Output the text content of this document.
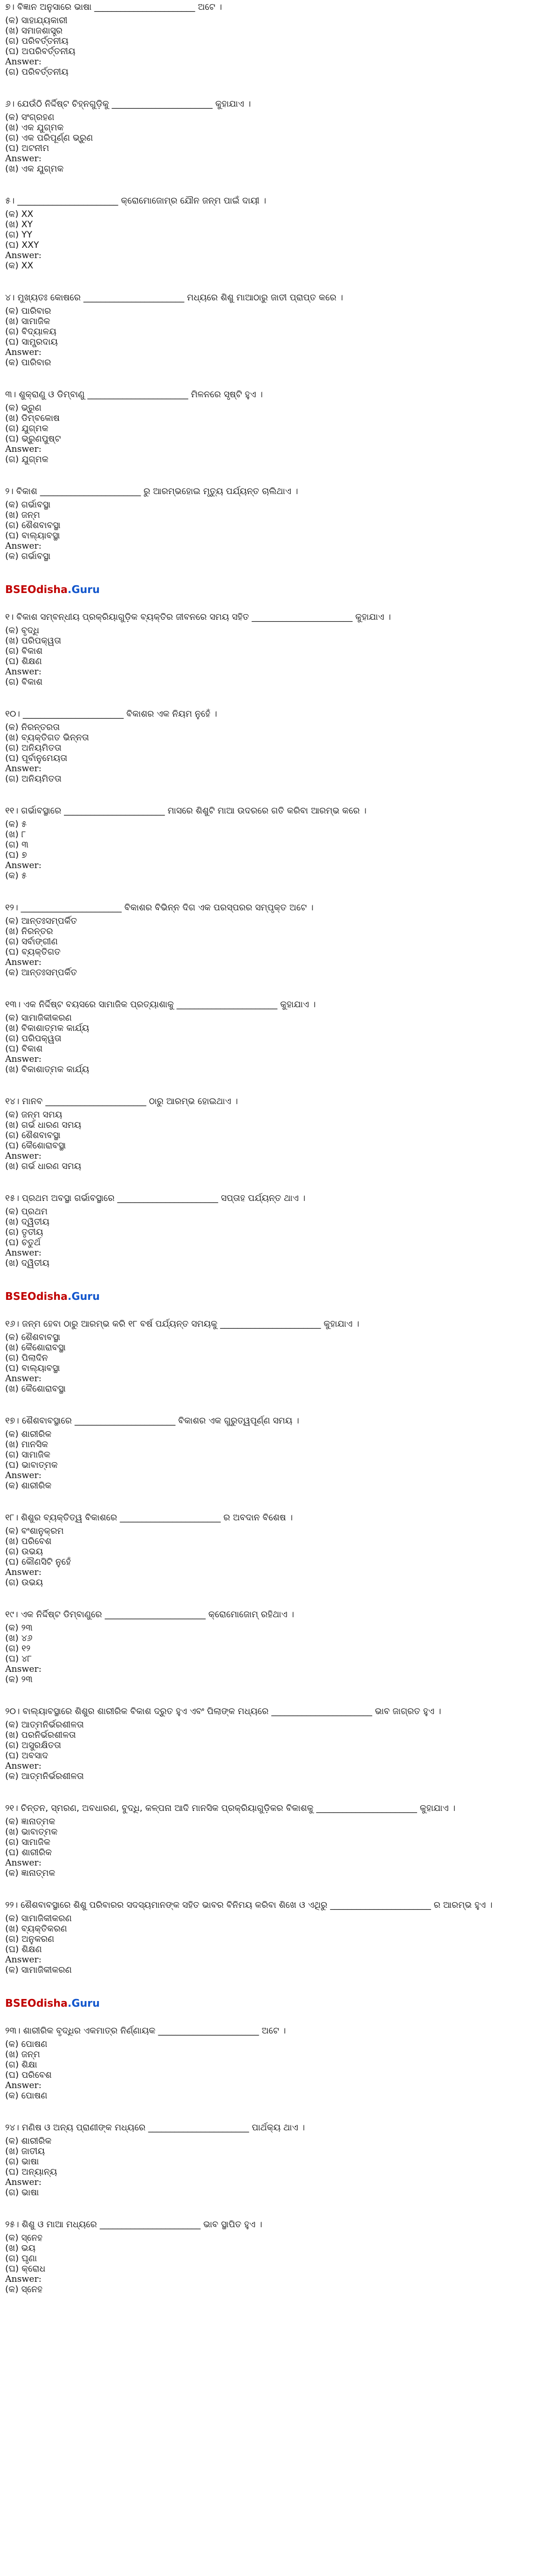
୭। ବିଜ୍ଞାନ ଅନୁସାରେ ଭାଷା _______________________ ଅଟେ ।

(କ) ସାହାଯ୍ୟକାରୀ

(ଖ) ସମାଜଶାସ୍ତ୍ର

(ଗ) ପରିବର୍ତ୍ତନୀୟ

(ଘ) ଅପରିବର୍ତ୍ତନୀୟ

Answer:

(ଗ) ପରିବର୍ତ୍ତନୀୟ

୬। ଯେଉଁଠି ନିର୍ଦ୍ଦିଷ୍ଟ ଚିହ୍ନଗୁଡ଼ିକୁ _______________________ କୁହାଯାଏ ।

(କ) ସଂଗ୍ରହଣ

(ଖ) ଏକ ଯୁଗ୍ମକ

(ଗ) ଏକ ପରିପୂର୍ଣ୍ଣ ଭ୍ରୁଣ

(ଘ) ଅଟନୀମ

Answer:

(ଖ) ଏକ ଯୁଗ୍ମକ

୫। _______________________ କ୍ରୋମୋଜୋମ୍‌ର ଯୌନ ଜନ୍ମ ପାଇଁ ଦାୟୀ ।

(କ) XX

(ଖ) XY

(ଗ) YY

(ଘ) XXY

Answer:

(କ) XX

୪। ମୁଖ୍ୟତଃ କୋଷରେ _______________________ ମଧ୍ୟରେ ଶିଶୁ ମାଆଠାରୁ ଜାତୀ ପ୍ରାପ୍ତ କରେ ।

(କ) ପାରିବାର

(ଖ) ସାମାଜିକ

(ଗ) ବିଦ୍ୟାଳୟ

(ଘ) ସାମ୍ପ୍ରଦାୟ

Answer:

(କ) ପାରିବାର

୩। ଶୁକ୍ରାଣୁ ଓ ଡିମ୍ବାଣୁ _______________________ ମିଳନରେ ସୃଷ୍ଟି ହୁଏ ।

(କ) ଭ୍ରୁଣ

(ଖ) ଡିମ୍ବକୋଷ

(ଗ) ଯୁଗ୍ମକ

(ଘ) ଭ୍ରୁଣପୁଷ୍ଟ

Answer:

(ଗ) ଯୁଗ୍ମକ

୨। ବିକାଶ _______________________ ରୁ ଆରମ୍ଭହୋଇ ମୃତ୍ୟୁ ପର୍ଯ୍ୟନ୍ତ ଚାଲିଥାଏ ।

(କ) ଗର୍ଭାବସ୍ଥା

(ଖ) ଜନ୍ମ

(ଗ) ଶୈଶବାବସ୍ଥା

(ଘ) ବାଲ୍ୟାବସ୍ଥା

Answer:

(କ) ଗର୍ଭାବସ୍ଥା

BSEOdisha.Guru

୧। ବିକାଶ ସମ୍ବନ୍ଧୀୟ ପ୍ରକ୍ରିୟାଗୁଡ଼ିକ ବ୍ୟକ୍ତିର ଜୀବନରେ ସମୟ ସହିତ _______________________ କୁହାଯାଏ ।

(କ) ବୃଦ୍ଧି

(ଖ) ପରିପକ୍ୱତା

(ଗ) ବିକାଶ

(ଘ) ଶିକ୍ଷଣ

Answer:

(ଗ) ବିକାଶ

୧୦। _______________________ ବିକାଶର ଏକ ନିୟମ ନୁହେଁ ।

(କ) ନିରନ୍ତରତା

(ଖ) ବ୍ୟକ୍ତିଗତ ଭିନ୍ନତା

(ଗ) ଅନିୟମିତତା

(ଘ) ପୂର୍ବାନୁମେୟତା

Answer:

(ଗ) ଅନିୟମିତତା

୧୧। ଗର୍ଭାବସ୍ଥାରେ _______________________ ମାସରେ ଶିଶୁଟି ମାଆ ଉଦରରେ ଗତି କରିବା ଆରମ୍ଭ କରେ ।

(କ) ୫

(ଖ) ୮

(ଗ) ୩

(ଘ) ୭

Answer:

(କ) ୫

୧୨। _______________________ ବିକାଶର ବିଭିନ୍ନ ଦିଗ ଏକ ପରସ୍ପରର ସମ୍ପୃକ୍ତ ଅଟେ ।

(କ) ଆନ୍ତଃସମ୍ପର୍କିତ

(ଖ) ନିରନ୍ତର

(ଗ) ସର୍ବାଙ୍ଗୀଣ

(ଘ) ବ୍ୟକ୍ତିଗତ

Answer:

(କ) ଆନ୍ତଃସମ୍ପର୍କିତ

୧୩। ଏକ ନିର୍ଦ୍ଦିଷ୍ଟ ବୟସରେ ସାମାଜିକ ପ୍ରତ୍ୟାଶାକୁ _______________________ କୁହାଯାଏ ।

(କ) ସାମାଜିକୀକରଣ

(ଖ) ବିକାଶାତ୍ମକ କାର୍ଯ୍ୟ

(ଗ) ପରିପକ୍ୱତା

(ଘ) ବିକାଶ

Answer:

(ଖ) ବିକାଶାତ୍ମକ କାର୍ଯ୍ୟ

୧୪। ମାନବ _______________________ ଠାରୁ ଆରମ୍ଭ ହୋଇଥାଏ ।

(କ) ଜନ୍ମ ସମୟ

(ଖ) ଗର୍ଭ ଧାରଣ ସମୟ

(ଗ) ଶୈଶବାବସ୍ଥା

(ଘ) କୈଶୋରାବସ୍ଥା

Answer:

(ଖ) ଗର୍ଭ ଧାରଣ ସମୟ

୧୫। ପ୍ରଥମ ଅବସ୍ଥା ଗର୍ଭାବସ୍ଥାରେ _______________________ ସପ୍ତାହ ପର୍ଯ୍ୟନ୍ତ ଥାଏ ।

(କ) ପ୍ରଥମ

(ଖ) ଦ୍ୱିତୀୟ

(ଗ) ତୃତୀୟ

(ଘ) ଚତୁର୍ଥ

Answer:

(ଖ) ଦ୍ୱିତୀୟ

BSEOdisha.Guru

୧୬। ଜନ୍ମ ହେବା ଠାରୁ ଆରମ୍ଭ କରି ୧୮ ବର୍ଷ ପର୍ଯ୍ୟନ୍ତ ସମୟକୁ _______________________ କୁହାଯାଏ ।

(କ) ଶୈଶବାବସ୍ଥା

(ଖ) କୈଶୋରାବସ୍ଥା

(ଗ) ପିଲାଦିନ

(ଘ) ବାଲ୍ୟାବସ୍ଥା

Answer:

(ଖ) କୈଶୋରାବସ୍ଥା

୧୭। ଶୈଶବାବସ୍ଥାରେ _______________________ ବିକାଶର ଏକ ଗୁରୁତ୍ୱପୂର୍ଣ୍ଣ ସମୟ ।

(କ) ଶାରୀରିକ

(ଖ) ମାନସିକ

(ଗ) ସାମାଜିକ

(ଘ) ଭାବାତ୍ମକ

Answer:

(କ) ଶାରୀରିକ

୧୮। ଶିଶୁର ବ୍ୟକ୍ତିତ୍ୱ ବିକାଶରେ _______________________ ର ଅବଦାନ ବିଶେଷ ।

(କ) ବଂଶାନୁକ୍ରମ

(ଖ) ପରିବେଶ

(ଗ) ଉଭୟ

(ଘ) କୌଣସିଟି ନୁହେଁ

Answer:

(ଗ) ଉଭୟ

୧୯। ଏକ ନିର୍ଦ୍ଦିଷ୍ଟ ଡିମ୍ବାଣୁରେ _______________________ କ୍ରୋମୋଜୋମ୍ ରହିଥାଏ ।

(କ) ୨୩

(ଖ) ୪୬

(ଗ) ୧୨

(ଘ) ୪୮

Answer:

(କ) ୨୩

୨୦। ବାଲ୍ୟାବସ୍ଥାରେ ଶିଶୁର ଶାରୀରିକ ବିକାଶ ଦ୍ରୁତ ହୁଏ ଏବଂ ପିଲାଙ୍କ ମଧ୍ୟରେ _______________________ ଭାବ ଜାଗ୍ରତ ହୁଏ ।

(କ) ଆତ୍ମନିର୍ଭରଶୀଳତା

(ଖ) ପରନିର୍ଭରଶୀଳତା

(ଗ) ଅସୁରକ୍ଷିତତା

(ଘ) ଅବସାଦ

Answer:

(କ) ଆତ୍ମନିର୍ଭରଶୀଳତା

୨୧। ଚିନ୍ତନ, ସ୍ମରଣ, ଅବଧାରଣ, ବୁଦ୍ଧି, କଳ୍ପନା ଆଦି ମାନସିକ ପ୍ରକ୍ରିୟାଗୁଡ଼ିକର ବିକାଶକୁ _______________________ କୁହାଯାଏ ।

(କ) ଜ୍ଞାନାତ୍ମକ

(ଖ) ଭାବାତ୍ମକ

(ଗ) ସାମାଜିକ

(ଘ) ଶାରୀରିକ

Answer:

(କ) ଜ୍ଞାନାତ୍ମକ

୨୨। ଶୈଶବାବସ୍ଥାରେ ଶିଶୁ ପରିବାରର ସଦସ୍ୟମାନଙ୍କ ସହିତ ଭାବର ବିନିମୟ କରିବା ଶିଖେ ଓ ଏଥିରୁ _______________________ ର ଆରମ୍ଭ ହୁଏ ।

(କ) ସାମାଜିକୀକରଣ

(ଖ) ବ୍ୟକ୍ତିକରଣ

(ଗ) ଅନୁକରଣ

(ଘ) ଶିକ୍ଷଣ

Answer:

(କ) ସାମାଜିକୀକରଣ

BSEOdisha.Guru

୨୩। ଶାରୀରିକ ବୃଦ୍ଧିର ଏକମାତ୍ର ନିର୍ଣ୍ଣାୟକ _______________________ ଅଟେ ।

(କ) ପୋଷଣ

(ଖ) ଜନ୍ମ

(ଗ) ଶିକ୍ଷା

(ଘ) ପରିବେଶ

Answer:

(କ) ପୋଷଣ

୨୪। ମଣିଷ ଓ ଅନ୍ୟ ପ୍ରାଣୀଙ୍କ ମଧ୍ୟରେ _______________________ ପାର୍ଥକ୍ୟ ଥାଏ ।

(କ) ଶାରୀରିକ

(ଖ) ଜାତୀୟ

(ଗ) ଭାଷା

(ଘ) ଅନ୍ୟାନ୍ୟ

Answer:

(ଗ) ଭାଷା

୨୫। ଶିଶୁ ଓ ମାଆ ମଧ୍ୟରେ _______________________ ଭାବ ସ୍ଥାପିତ ହୁଏ ।

(କ) ସ୍ନେହ

(ଖ) ଭୟ

(ଗ) ଘୃଣା

(ଘ) କ୍ରୋଧ

Answer:

(କ) ସ୍ନେହ
